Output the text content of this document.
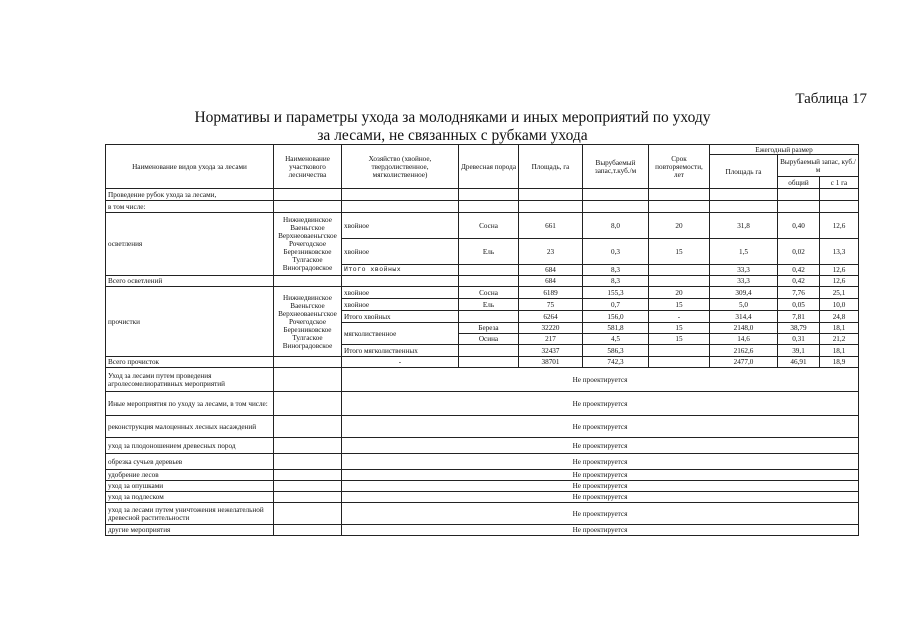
Таблица 17
Нормативы и параметры ухода за молодняками и иных мероприятий по уходу
за лесами, не связанных с рубками ухода
Наименование видов ухода за лесами	Наименование участкового лесничества	Хозяйство (хвойное, твердолиственное, мягколиственное)	Древесная порода	Площадь, га	Вырубаемый запас,т.куб./м	Срок повторяемости, лет	Ежегодный размер		
							Площадь га	Вырубаемый запас, куб./м	
								общий	с 1 га
Проведение рубок ухода за лесами,									
в том числе:									
осветления	Нижнедвинское Ваеньгское Верхнеоваеньгское Рочегодское Березниковское Тулгаское Виноградовское	хвойное	Сосна	661	8,0	20	31,8	0,40	12,6
		хвойное	Ель	23	0,3	15	1,5	0,02	13,3
		Итого хвойных		684	8,3		33,3	0,42	12,6
Всего осветлений				684	8,3		33,3	0,42	12,6
прочистки	Нижнедвинское Ваеньгское Верхнеоваеньгское Рочегодское Березниковское Тулгаское Виноградовское	хвойное	Сосна	6189	155,3	20	309,4	7,76	25,1
		хвойное	Ель	75	0,7	15	5,0	0,05	10,0
		Итого хвойных		6264	156,0	-	314,4	7,81	24,8
		мягколиственное	Береза	32220	581,8	15	2148,0	38,79	18,1
			Осина	217	4,5	15	14,6	0,31	21,2
		Итого мягколиственных		32437	586,3		2162,6	39,1	18,1
Всего прочисток		-		38701	742,3		2477,0	46,91	18,9
Уход за лесами путем проведения агролесомелиоративных мероприятий		Не проектируется							
Иные мероприятия по уходу за лесами, в том числе:		Не проектируется							
реконструкция малоценных лесных насаждений		Не проектируется							
уход за плодоношением древесных пород		Не проектируется							
обрезка сучьев деревьев		Не проектируется							
удобрение лесов		Не проектируется							
уход за опушками		Не проектируется							
уход за подлеском		Не проектируется							
уход за лесами путем уничтожения нежелательной древесной растительности		Не проектируется							
другие мероприятия		Не проектируется							
